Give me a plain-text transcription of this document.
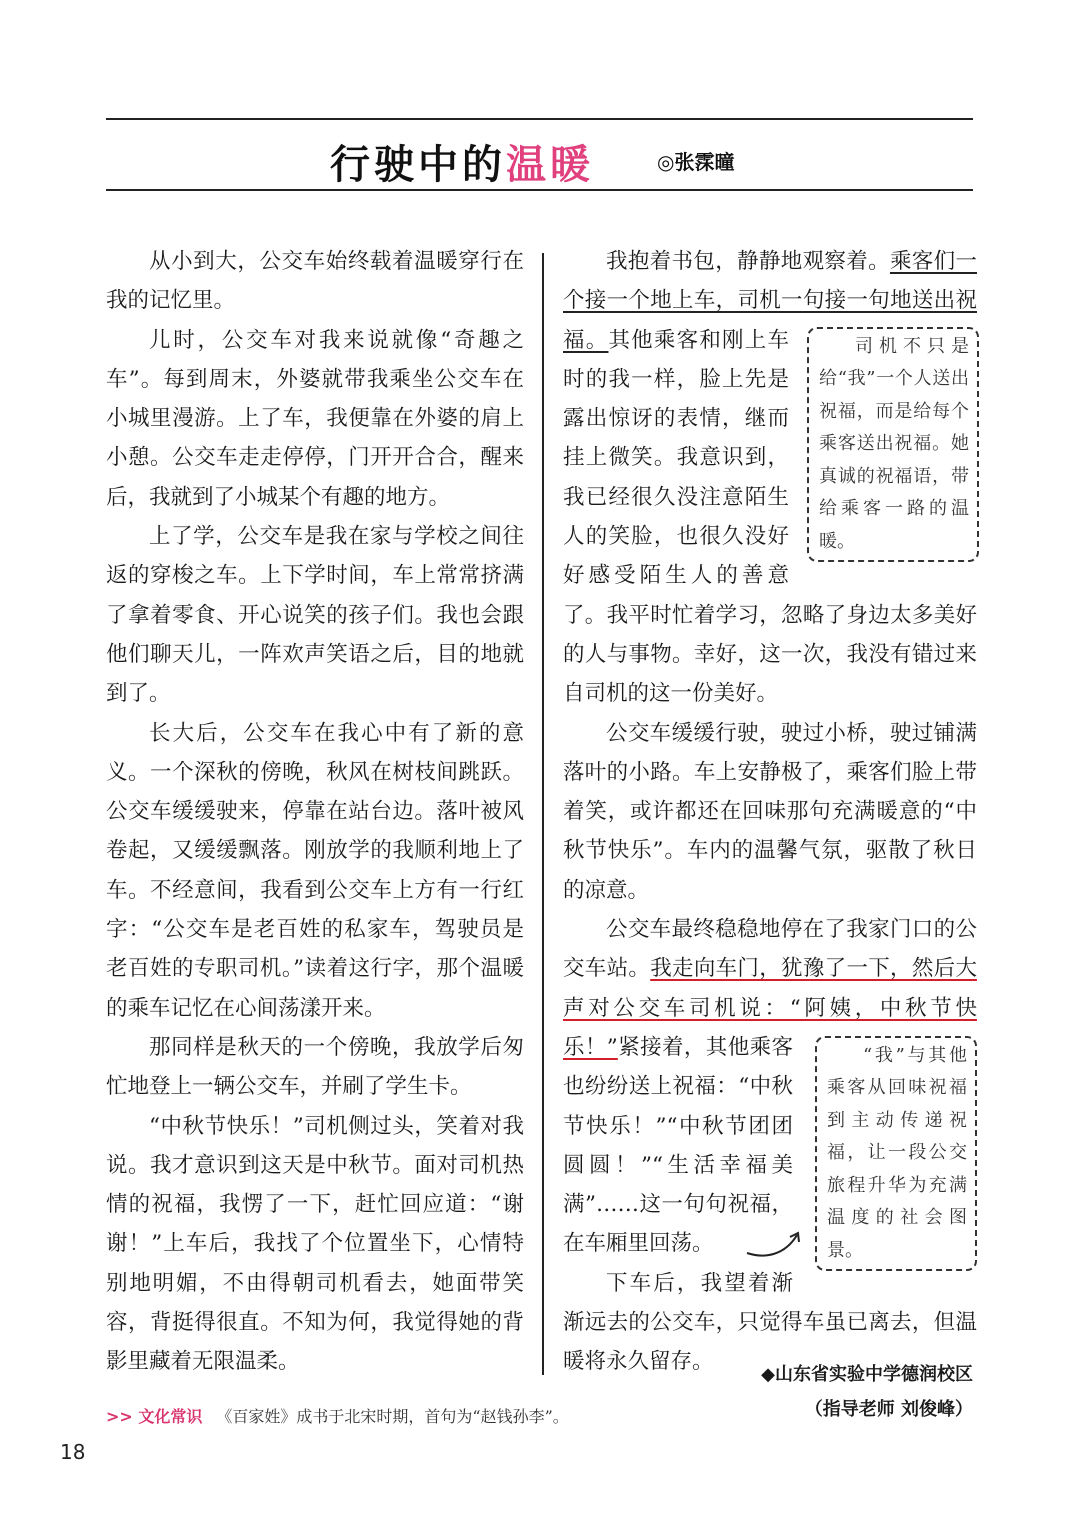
行驶中的温暖	◎张霂曈

从小到大，公交车始终载着温暖穿行在我的记忆里。

儿时，公交车对我来说就像“奇趣之车”。每到周末，外婆就带我乘坐公交车在小城里漫游。上了车，我便靠在外婆的肩上小憩。公交车走走停停，门开开合合，醒来后，我就到了小城某个有趣的地方。

上了学，公交车是我在家与学校之间往返的穿梭之车。上下学时间，车上常常挤满了拿着零食、开心说笑的孩子们。我也会跟他们聊天儿，一阵欢声笑语之后，目的地就到了。

长大后，公交车在我心中有了新的意义。一个深秋的傍晚，秋风在树枝间跳跃。公交车缓缓驶来，停靠在站台边。落叶被风卷起，又缓缓飘落。刚放学的我顺利地上了车。不经意间，我看到公交车上方有一行红字：“公交车是老百姓的私家车，驾驶员是老百姓的专职司机。”读着这行字，那个温暖的乘车记忆在心间荡漾开来。

那同样是秋天的一个傍晚，我放学后匆忙地登上一辆公交车，并刷了学生卡。

“中秋节快乐！”司机侧过头，笑着对我说。我才意识到这天是中秋节。面对司机热情的祝福，我愣了一下，赶忙回应道：“谢谢！”上车后，我找了个位置坐下，心情特别地明媚，不由得朝司机看去，她面带笑容，背挺得很直。不知为何，我觉得她的背影里藏着无限温柔。

我抱着书包，静静地观察着。乘客们一个接一个地上车，司机一句接一句地送出祝福。	司机不只是给“我”一个人送出祝福，而是给每个乘客送出祝福。她真诚的祝福语，带给乘客一路的温暖。
其他乘客和刚上车时的我一样，脸上先是露出惊讶的表情，继而挂上微笑。我意识到，我已经很久没注意陌生人的笑脸，也很久没好好感受陌生人的善意了。我平时忙着学习，忽略了身边太多美好的人与事物。幸好，这一次，我没有错过来自司机的这一份美好。

公交车缓缓行驶，驶过小桥，驶过铺满落叶的小路。车上安静极了，乘客们脸上带着笑，或许都还在回味那句充满暖意的“中秋节快乐”。车内的温馨气氛，驱散了秋日的凉意。

公交车最终稳稳地停在了我家门口的公交车站。我走向车门，犹豫了一下，然后大声对公交车司机说：“阿姨，中秋节快乐！”	“我”与其他乘客从回味祝福到主动传递祝福，让一段公交旅程升华为充满温度的社会图景。
紧接着，其他乘客也纷纷送上祝福：“中秋节快乐！”“中秋节团团圆圆！”“生活幸福美满”……这一句句祝福，在车厢里回荡。

下车后，我望着渐渐远去的公交车，只觉得车虽已离去，但温暖将永久留存。

◆山东省实验中学德润校区
（指导老师 刘俊峰）
>> 文化常识 《百家姓》成书于北宋时期，首句为“赵钱孙李”。
18
